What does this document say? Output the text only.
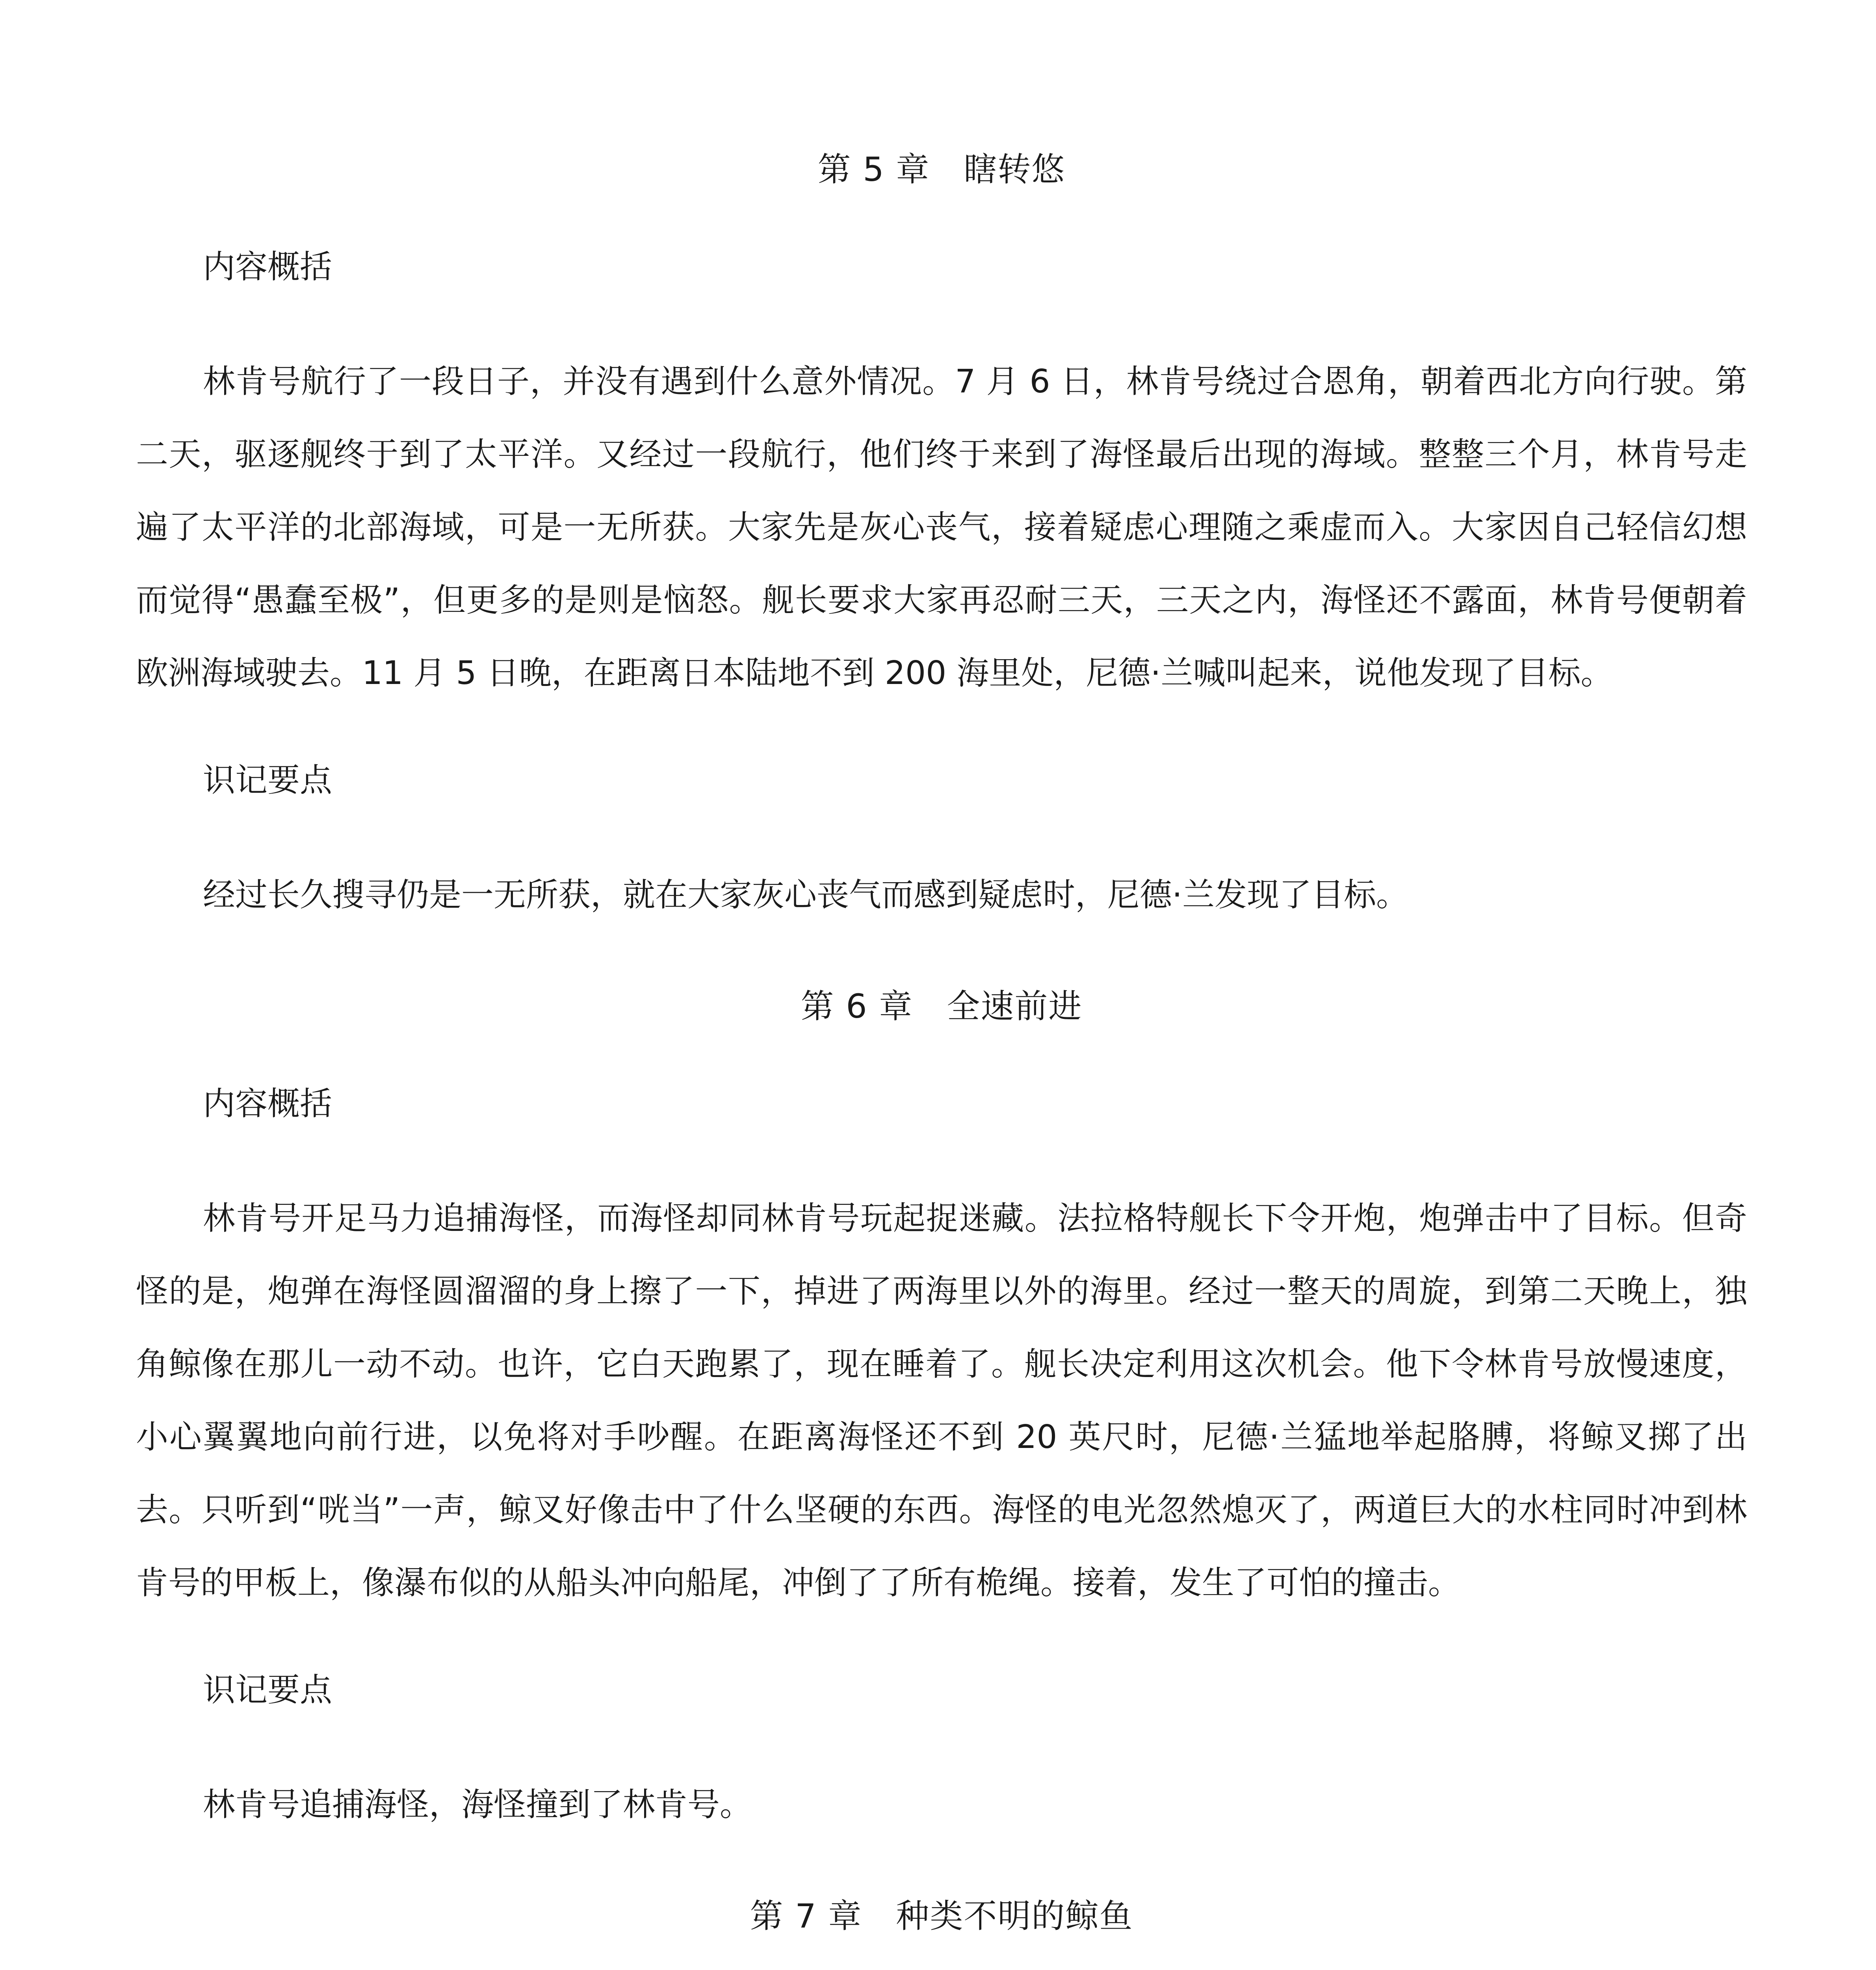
第 5 章　瞎转悠
内容概括

林肯号航行了一段日子，并没有遇到什么意外情况。7 月 6 日，林肯号绕过合恩角，朝着西北方向行驶。第二天，驱逐舰终于到了太平洋。又经过一段航行，他们终于来到了海怪最后出现的海域。整整三个月，林肯号走遍了太平洋的北部海域，可是一无所获。大家先是灰心丧气，接着疑虑心理随之乘虚而入。大家因自己轻信幻想而觉得“愚蠢至极”，但更多的是则是恼怒。舰长要求大家再忍耐三天，三天之内，海怪还不露面，林肯号便朝着欧洲海域驶去。11 月 5 日晚，在距离日本陆地不到 200 海里处，尼德·兰喊叫起来，说他发现了目标。

识记要点

经过长久搜寻仍是一无所获，就在大家灰心丧气而感到疑虑时，尼德·兰发现了目标。

第 6 章　全速前进
内容概括

林肯号开足马力追捕海怪，而海怪却同林肯号玩起捉迷藏。法拉格特舰长下令开炮，炮弹击中了目标。但奇怪的是，炮弹在海怪圆溜溜的身上擦了一下，掉进了两海里以外的海里。经过一整天的周旋，到第二天晚上，独角鲸像在那儿一动不动。也许，它白天跑累了，现在睡着了。舰长决定利用这次机会。他下令林肯号放慢速度，小心翼翼地向前行进，以免将对手吵醒。在距离海怪还不到 20 英尺时，尼德·兰猛地举起胳膊，将鲸叉掷了出去。只听到“咣当”一声，鲸叉好像击中了什么坚硬的东西。海怪的电光忽然熄灭了，两道巨大的水柱同时冲到林肯号的甲板上，像瀑布似的从船头冲向船尾，冲倒了了所有桅绳。接着，发生了可怕的撞击。

识记要点

林肯号追捕海怪，海怪撞到了林肯号。

第 7 章　种类不明的鲸鱼
